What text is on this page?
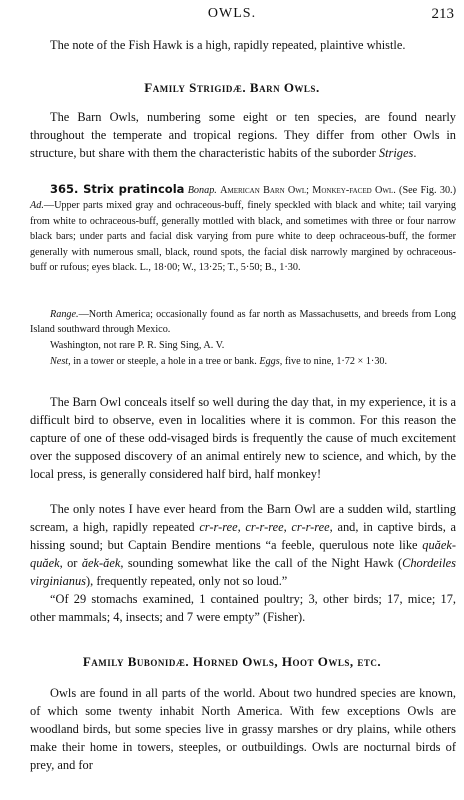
OWLS.	213

The note of the Fish Hawk is a high, rapidly repeated, plaintive whistle.

Family Strigidæ. Barn Owls.

The Barn Owls, numbering some eight or ten species, are found nearly throughout the temperate and tropical regions. They differ from other Owls in structure, but share with them the characteristic habits of the suborder Striges.

365. Strix pratincola Bonap. American Barn Owl; Monkey-faced Owl. (See Fig. 30.) Ad.—Upper parts mixed gray and ochraceous-buff, finely speckled with black and white; tail varying from white to ochraceous-buff, generally mottled with black, and sometimes with three or four narrow black bars; under parts and facial disk varying from pure white to deep ochraceous-buff, the former generally with numerous small, black, round spots, the facial disk narrowly margined by ochraceous-buff or rufous; eyes black. L., 18·00; W., 13·25; T., 5·50; B., 1·30.

Range.—North America; occasionally found as far north as Massachusetts, and breeds from Long Island southward through Mexico.

Washington, not rare P. R. Sing Sing, A. V.

Nest, in a tower or steeple, a hole in a tree or bank. Eggs, five to nine, 1·72 × 1·30.

The Barn Owl conceals itself so well during the day that, in my experience, it is a difficult bird to observe, even in localities where it is common. For this reason the capture of one of these odd-visaged birds is frequently the cause of much excitement over the supposed discovery of an animal entirely new to science, and which, by the local press, is generally considered half bird, half monkey!

The only notes I have ever heard from the Barn Owl are a sudden wild, startling scream, a high, rapidly repeated cr-r-ree, cr-r-ree, cr-r-ree, and, in captive birds, a hissing sound; but Captain Bendire mentions “a feeble, querulous note like quăek-quăek, or ăek-ăek, sounding somewhat like the call of the Night Hawk (Chordeiles virginianus), frequently repeated, only not so loud.”

“Of 29 stomachs examined, 1 contained poultry; 3, other birds; 17, mice; 17, other mammals; 4, insects; and 7 were empty” (Fisher).

Family Bubonidæ. Horned Owls, Hoot Owls, etc.

Owls are found in all parts of the world. About two hundred species are known, of which some twenty inhabit North America. With few exceptions Owls are woodland birds, but some species live in grassy marshes or dry plains, while others make their home in towers, steeples, or outbuildings. Owls are nocturnal birds of prey, and for
